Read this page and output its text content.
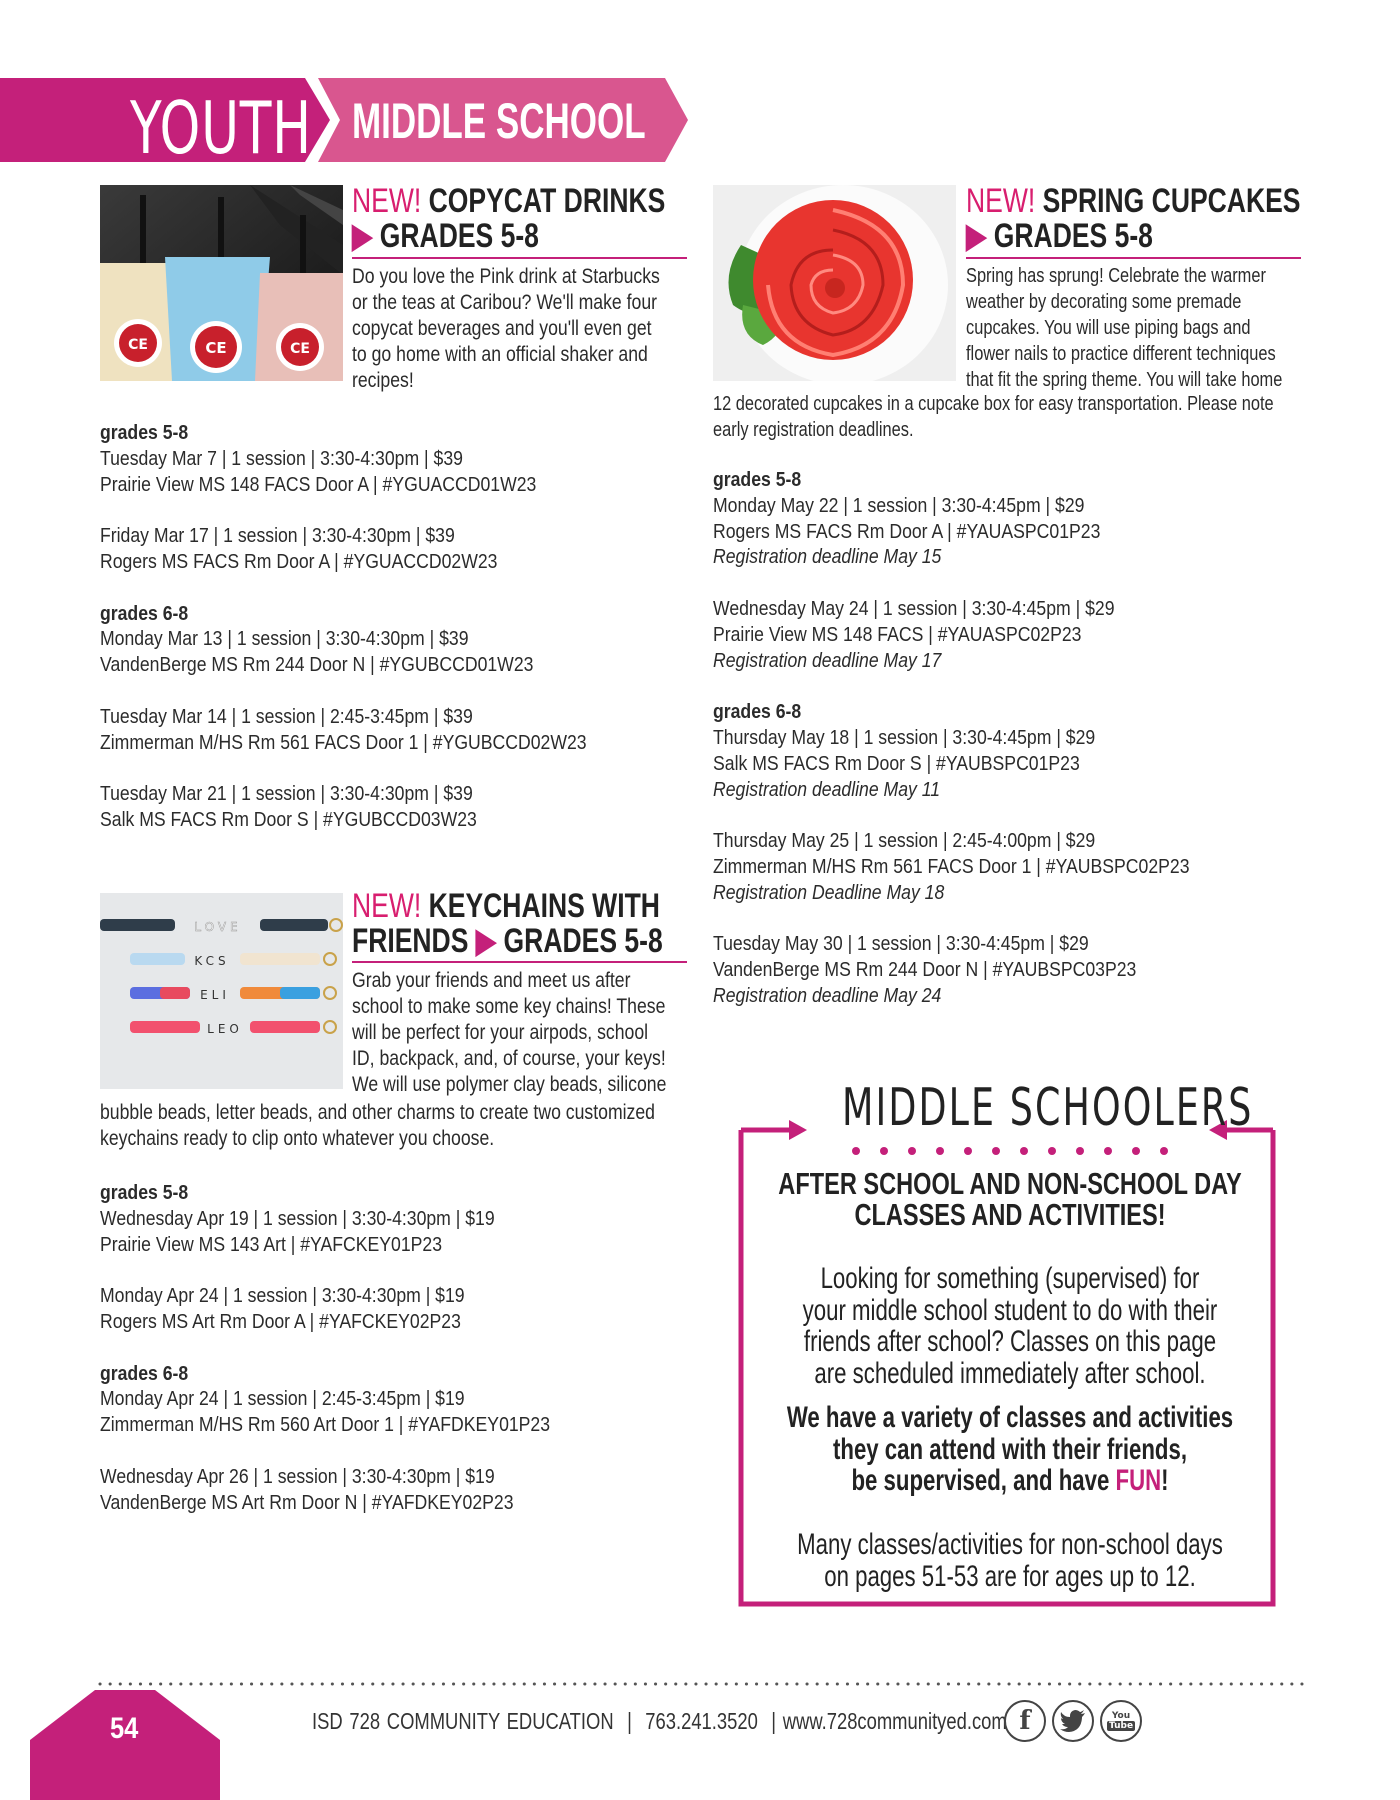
YOUTH MIDDLE SCHOOL
CE	CE	CE
NEW! COPYCAT DRINKS
▶ GRADES 5-8

Do you love the Pink drink at Starbucks

or the teas at Caribou? We'll make four

copycat beverages and you'll even get

to go home with an official shaker and

recipes!

grades 5-8

Tuesday Mar 7 | 1 session | 3:30-4:30pm | $39

Prairie View MS 148 FACS Door A | #YGUACCD01W23

Friday Mar 17 | 1 session | 3:30-4:30pm | $39

Rogers MS FACS Rm Door A | #YGUACCD02W23

grades 6-8

Monday Mar 13 | 1 session | 3:30-4:30pm | $39

VandenBerge MS Rm 244 Door N | #YGUBCCD01W23

Tuesday Mar 14 | 1 session | 2:45-3:45pm | $39

Zimmerman M/HS Rm 561 FACS Door 1 | #YGUBCCD02W23

Tuesday Mar 21 | 1 session | 3:30-4:30pm | $39

Salk MS FACS Rm Door S | #YGUBCCD03W23

LOVE
KCS
ELI
LEO
NEW! KEYCHAINS WITH
FRIENDS ▶ GRADES 5-8

Grab your friends and meet us after

school to make some key chains! These

will be perfect for your airpods, school

ID, backpack, and, of course, your keys!

We will use polymer clay beads, silicone

bubble beads, letter beads, and other charms to create two customized

keychains ready to clip onto whatever you choose.

grades 5-8

Wednesday Apr 19 | 1 session | 3:30-4:30pm | $19

Prairie View MS 143 Art | #YAFCKEY01P23

Monday Apr 24 | 1 session | 3:30-4:30pm | $19

Rogers MS Art Rm Door A | #YAFCKEY02P23

grades 6-8

Monday Apr 24 | 1 session | 2:45-3:45pm | $19

Zimmerman M/HS Rm 560 Art Door 1 | #YAFDKEY01P23

Wednesday Apr 26 | 1 session | 3:30-4:30pm | $19

VandenBerge MS Art Rm Door N | #YAFDKEY02P23

NEW! SPRING CUPCAKES
▶ GRADES 5-8

Spring has sprung! Celebrate the warmer

weather by decorating some premade

cupcakes. You will use piping bags and

flower nails to practice different techniques

that fit the spring theme. You will take home

12 decorated cupcakes in a cupcake box for easy transportation. Please note

early registration deadlines.

grades 5-8

Monday May 22 | 1 session | 3:30-4:45pm | $29

Rogers MS FACS Rm Door A | #YAUASPC01P23

Registration deadline May 15

Wednesday May 24 | 1 session | 3:30-4:45pm | $29

Prairie View MS 148 FACS | #YAUASPC02P23

Registration deadline May 17

grades 6-8

Thursday May 18 | 1 session | 3:30-4:45pm | $29

Salk MS FACS Rm Door S | #YAUBSPC01P23

Registration deadline May 11

Thursday May 25 | 1 session | 2:45-4:00pm | $29

Zimmerman M/HS Rm 561 FACS Door 1 | #YAUBSPC02P23

Registration Deadline May 18

Tuesday May 30 | 1 session | 3:30-4:45pm | $29

VandenBerge MS Rm 244 Door N | #YAUBSPC03P23

Registration deadline May 24

MIDDLE SCHOOLERS

AFTER SCHOOL AND NON-SCHOOL DAY

CLASSES AND ACTIVITIES!

Looking for something (supervised) for

your middle school student to do with their

friends after school? Classes on this page

are scheduled immediately after school.

We have a variety of classes and activities

they can attend with their friends,

be supervised, and have FUN!

Many classes/activities for non-school days

on pages 51-53 are for ages up to 12.

54	ISD 728 COMMUNITY EDUCATION | 763.241.3520 | www.728communityed.com f	You
Tube
